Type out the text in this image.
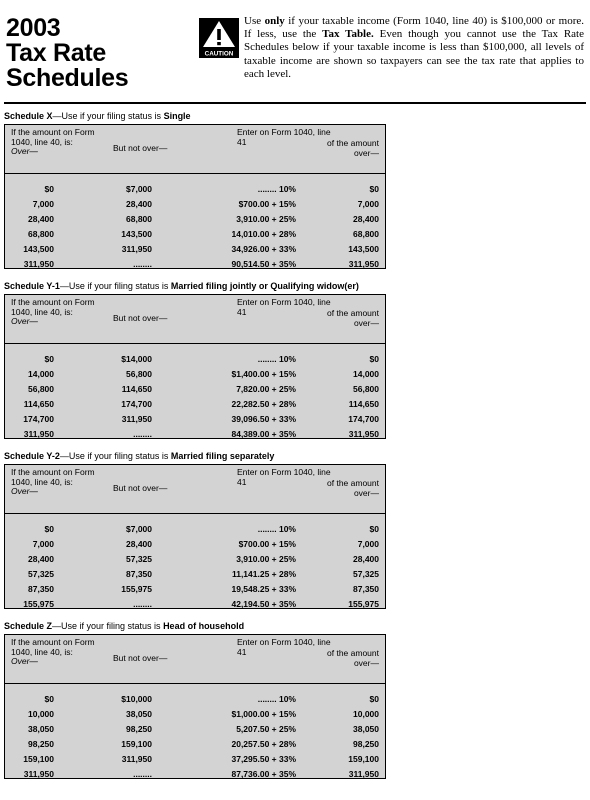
2003
Tax Rate
Schedules
CAUTION
Use only if your taxable income (Form 1040, line 40) is $100,000 or more. If less, use the Tax Table. Even though you cannot use the Tax Rate Schedules below if your taxable income is less than $100,000, all levels of taxable income are shown so taxpayers can see the tax rate that applies to each level.
Schedule X—Use if your filing status is Single
If the amount on Form 1040, line 40, is:
Over—	But not over—
Enter on Form 1040, line 41	of the amount over—
$0	$7,000	........ 10%	$0
7,000	28,400	$700.00 + 15%	7,000
28,400	68,800	3,910.00 + 25%	28,400
68,800	143,500	14,010.00 + 28%	68,800
143,500	311,950	34,926.00 + 33%	143,500
311,950	........	90,514.50 + 35%	311,950
Schedule Y-1—Use if your filing status is Married filing jointly or Qualifying widow(er)
If the amount on Form 1040, line 40, is:
Over—	But not over—
Enter on Form 1040, line 41	of the amount over—
$0	$14,000	........ 10%	$0
14,000	56,800	$1,400.00 + 15%	14,000
56,800	114,650	7,820.00 + 25%	56,800
114,650	174,700	22,282.50 + 28%	114,650
174,700	311,950	39,096.50 + 33%	174,700
311,950	........	84,389.00 + 35%	311,950
Schedule Y-2—Use if your filing status is Married filing separately
If the amount on Form 1040, line 40, is:
Over—	But not over—
Enter on Form 1040, line 41	of the amount over—
$0	$7,000	........ 10%	$0
7,000	28,400	$700.00 + 15%	7,000
28,400	57,325	3,910.00 + 25%	28,400
57,325	87,350	11,141.25 + 28%	57,325
87,350	155,975	19,548.25 + 33%	87,350
155,975	........	42,194.50 + 35%	155,975
Schedule Z—Use if your filing status is Head of household
If the amount on Form 1040, line 40, is:
Over—	But not over—
Enter on Form 1040, line 41	of the amount over—
$0	$10,000	........ 10%	$0
10,000	38,050	$1,000.00 + 15%	10,000
38,050	98,250	5,207.50 + 25%	38,050
98,250	159,100	20,257.50 + 28%	98,250
159,100	311,950	37,295.50 + 33%	159,100
311,950	........	87,736.00 + 35%	311,950
